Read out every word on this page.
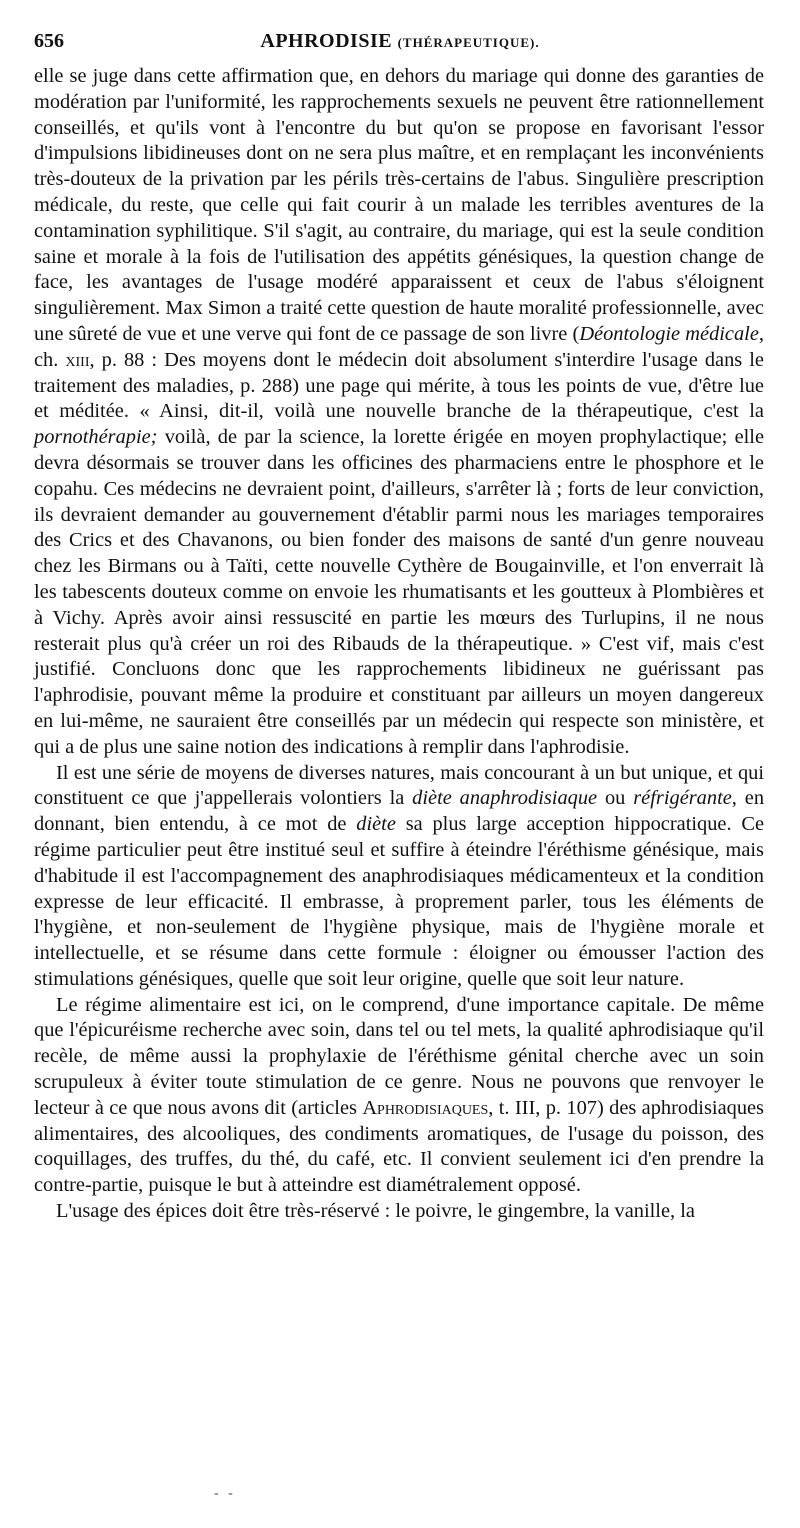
656	APHRODISIE (THÉRAPEUTIQUE).

elle se juge dans cette affirmation que, en dehors du mariage qui donne des garanties de modération par l'uniformité, les rapprochements sexuels ne peuvent être rationnellement conseillés, et qu'ils vont à l'encontre du but qu'on se propose en favorisant l'essor d'impulsions libidineuses dont on ne sera plus maître, et en remplaçant les inconvénients très-douteux de la privation par les périls très-certains de l'abus. Singulière prescription médicale, du reste, que celle qui fait courir à un malade les terribles aventures de la contamination syphilitique. S'il s'agit, au contraire, du mariage, qui est la seule condition saine et morale à la fois de l'utilisation des appétits génésiques, la question change de face, les avantages de l'usage modéré apparaissent et ceux de l'abus s'éloignent singulièrement. Max Simon a traité cette question de haute moralité professionnelle, avec une sûreté de vue et une verve qui font de ce passage de son livre (Déontologie médicale, ch. xiii, p. 88 : Des moyens dont le médecin doit absolument s'interdire l'usage dans le traitement des maladies, p. 288) une page qui mérite, à tous les points de vue, d'être lue et méditée. « Ainsi, dit-il, voilà une nouvelle branche de la thérapeutique, c'est la pornothérapie; voilà, de par la science, la lorette érigée en moyen prophylactique; elle devra désormais se trouver dans les officines des pharmaciens entre le phosphore et le copahu. Ces médecins ne devraient point, d'ailleurs, s'arrêter là ; forts de leur conviction, ils devraient demander au gouvernement d'établir parmi nous les mariages temporaires des Crics et des Chavanons, ou bien fonder des maisons de santé d'un genre nouveau chez les Birmans ou à Taïti, cette nouvelle Cythère de Bougainville, et l'on enverrait là les tabescents douteux comme on envoie les rhumatisants et les goutteux à Plombières et à Vichy. Après avoir ainsi ressuscité en partie les mœurs des Turlupins, il ne nous resterait plus qu'à créer un roi des Ribauds de la thérapeutique. » C'est vif, mais c'est justifié. Concluons donc que les rapprochements libidineux ne guérissant pas l'aphrodisie, pouvant même la produire et constituant par ailleurs un moyen dangereux en lui-même, ne sauraient être conseillés par un médecin qui respecte son ministère, et qui a de plus une saine notion des indications à remplir dans l'aphrodisie.

Il est une série de moyens de diverses natures, mais concourant à un but unique, et qui constituent ce que j'appellerais volontiers la diète anaphrodisiaque ou réfrigérante, en donnant, bien entendu, à ce mot de diète sa plus large acception hippocratique. Ce régime particulier peut être institué seul et suffire à éteindre l'éréthisme génésique, mais d'habitude il est l'accompagnement des anaphrodisiaques médicamenteux et la condition expresse de leur efficacité. Il embrasse, à proprement parler, tous les éléments de l'hygiène, et non-seulement de l'hygiène physique, mais de l'hygiène morale et intellectuelle, et se résume dans cette formule : éloigner ou émousser l'action des stimulations génésiques, quelle que soit leur origine, quelle que soit leur nature.

Le régime alimentaire est ici, on le comprend, d'une importance capitale. De même que l'épicuréisme recherche avec soin, dans tel ou tel mets, la qualité aphrodisiaque qu'il recèle, de même aussi la prophylaxie de l'éréthisme génital cherche avec un soin scrupuleux à éviter toute stimulation de ce genre. Nous ne pouvons que renvoyer le lecteur à ce que nous avons dit (articles Aphrodisiaques, t. III, p. 107) des aphrodisiaques alimentaires, des alcooliques, des condiments aromatiques, de l'usage du poisson, des coquillages, des truffes, du thé, du café, etc. Il convient seulement ici d'en prendre la contre-partie, puisque le but à atteindre est diamétralement opposé.

L'usage des épices doit être très-réservé : le poivre, le gingembre, la vanille, la

- -
